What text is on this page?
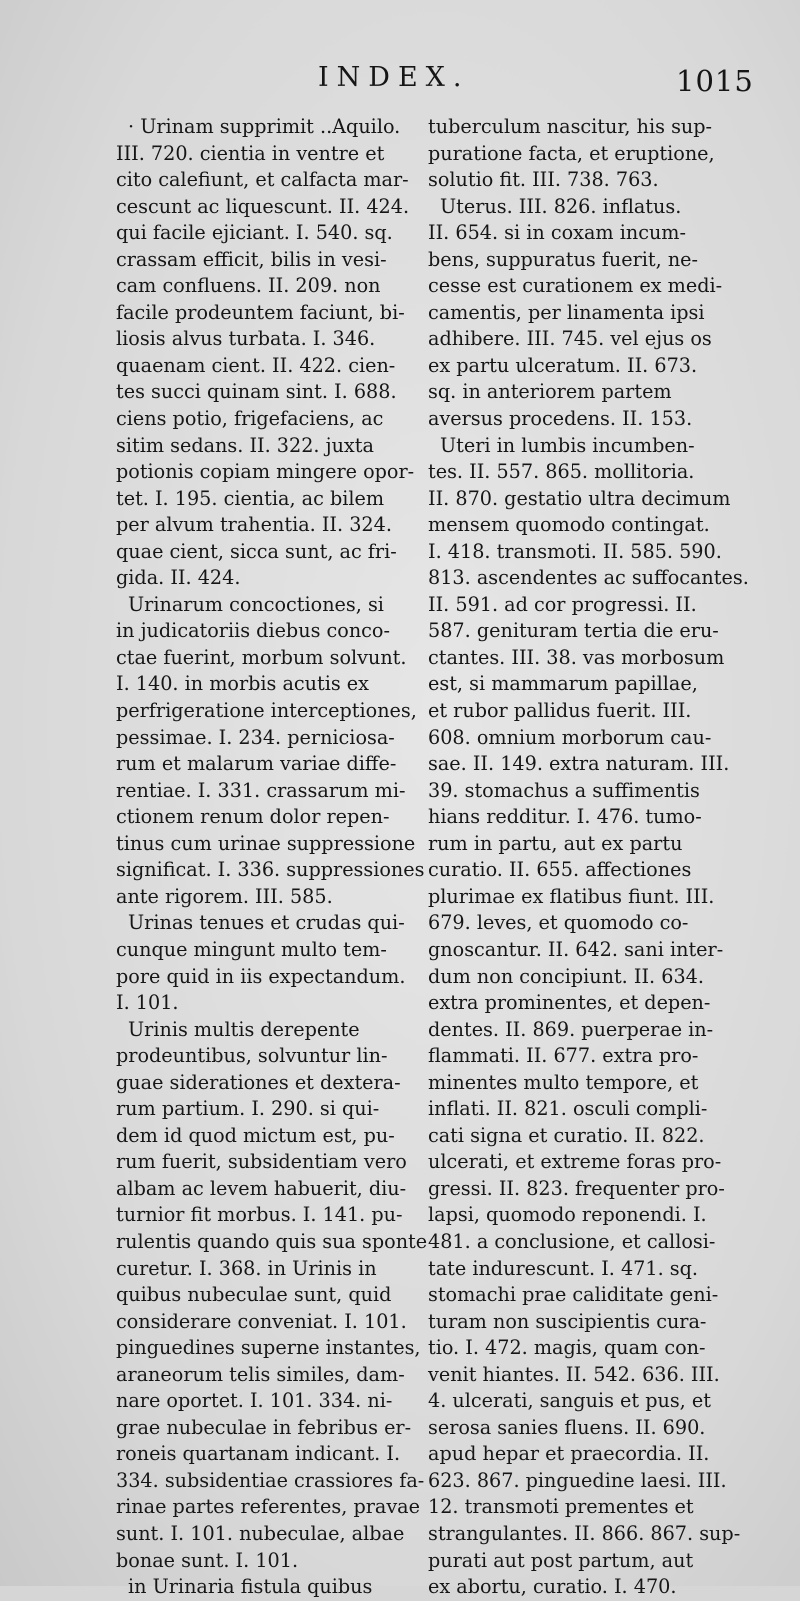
INDEX.	1015
· Urinam supprimit ..Aquilo.
III. 720. cientia in ventre et
cito calefiunt, et calfacta mar-
cescunt ac liquescunt. II. 424.
qui facile ejiciant. I. 540. sq.
crassam efficit, bilis in vesi-
cam confluens. II. 209. non
facile prodeuntem faciunt, bi-
liosis alvus turbata. I. 346.
quaenam cient. II. 422. cien-
tes succi quinam sint. I. 688.
ciens potio, frigefaciens, ac
sitim sedans. II. 322. juxta
potionis copiam mingere opor-
tet. I. 195. cientia, ac bilem
per alvum trahentia. II. 324.
quae cient, sicca sunt, ac fri-
gida. II. 424.
Urinarum concoctiones, si
in judicatoriis diebus conco-
ctae fuerint, morbum solvunt.
I. 140. in morbis acutis ex
perfrigeratione interceptiones,
pessimae. I. 234. perniciosa-
rum et malarum variae diffe-
rentiae. I. 331. crassarum mi-
ctionem renum dolor repen-
tinus cum urinae suppressione
significat. I. 336. suppressiones
ante rigorem. III. 585.
Urinas tenues et crudas qui-
cunque mingunt multo tem-
pore quid in iis expectandum.
I. 101.
Urinis multis derepente
prodeuntibus, solvuntur lin-
guae siderationes et dextera-
rum partium. I. 290. si qui-
dem id quod mictum est, pu-
rum fuerit, subsidentiam vero
albam ac levem habuerit, diu-
turnior fit morbus. I. 141. pu-
rulentis quando quis sua sponte
curetur. I. 368. in Urinis in
quibus nubeculae sunt, quid
considerare conveniat. I. 101.
pinguedines superne instantes,
araneorum telis similes, dam-
nare oportet. I. 101. 334. ni-
grae nubeculae in febribus er-
roneis quartanam indicant. I.
334. subsidentiae crassiores fa-
rinae partes referentes, pravae
sunt. I. 101. nubeculae, albae
bonae sunt. I. 101.
in Urinaria fistula quibus
tuberculum nascitur, his sup-
puratione facta, et eruptione,
solutio fit. III. 738. 763.
Uterus. III. 826. inflatus.
II. 654. si in coxam incum-
bens, suppuratus fuerit, ne-
cesse est curationem ex medi-
camentis, per linamenta ipsi
adhibere. III. 745. vel ejus os
ex partu ulceratum. II. 673.
sq. in anteriorem partem
aversus procedens. II. 153.
Uteri in lumbis incumben-
tes. II. 557. 865. mollitoria.
II. 870. gestatio ultra decimum
mensem quomodo contingat.
I. 418. transmoti. II. 585. 590.
813. ascendentes ac suffocantes.
II. 591. ad cor progressi. II.
587. genituram tertia die eru-
ctantes. III. 38. vas morbosum
est, si mammarum papillae,
et rubor pallidus fuerit. III.
608. omnium morborum cau-
sae. II. 149. extra naturam. III.
39. stomachus a suffimentis
hians redditur. I. 476. tumo-
rum in partu, aut ex partu
curatio. II. 655. affectiones
plurimae ex flatibus fiunt. III.
679. leves, et quomodo co-
gnoscantur. II. 642. sani inter-
dum non concipiunt. II. 634.
extra prominentes, et depen-
dentes. II. 869. puerperae in-
flammati. II. 677. extra pro-
minentes multo tempore, et
inflati. II. 821. osculi compli-
cati signa et curatio. II. 822.
ulcerati, et extreme foras pro-
gressi. II. 823. frequenter pro-
lapsi, quomodo reponendi. I.
481. a conclusione, et callosi-
tate indurescunt. I. 471. sq.
stomachi prae caliditate geni-
turam non suscipientis cura-
tio. I. 472. magis, quam con-
venit hiantes. II. 542. 636. III.
4. ulcerati, sanguis et pus, et
serosa sanies fluens. II. 690.
apud hepar et praecordia. II.
623. 867. pinguedine laesi. III.
12. transmoti prementes et
strangulantes. II. 866. 867. sup-
purati aut post partum, aut
ex abortu, curatio. I. 470.
